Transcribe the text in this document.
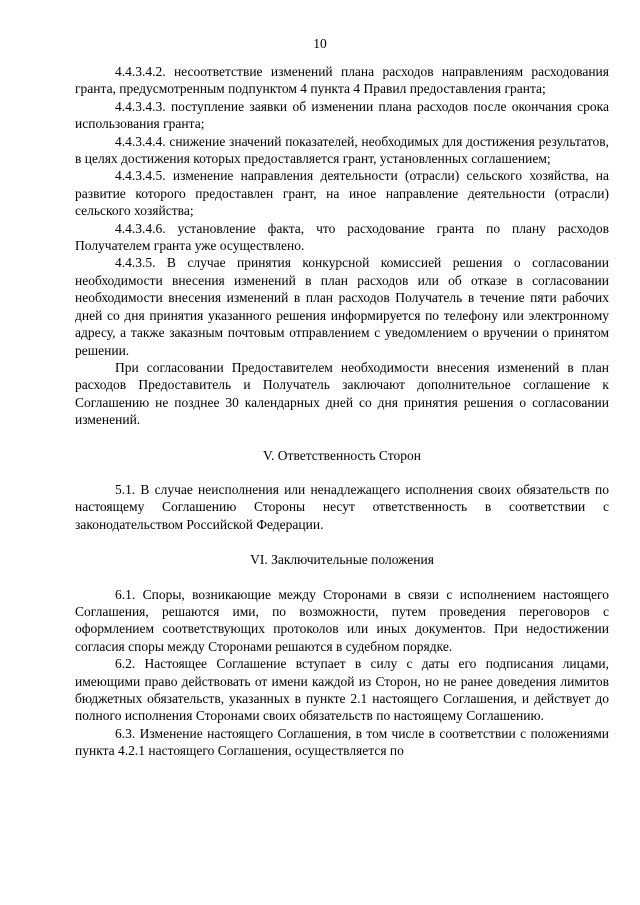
10

4.4.3.4.2. несоответствие изменений плана расходов направлениям расходования гранта, предусмотренным подпунктом 4 пункта 4 Правил предоставления гранта;

4.4.3.4.3. поступление заявки об изменении плана расходов после окончания срока использования гранта;

4.4.3.4.4. снижение значений показателей, необходимых для достижения результатов, в целях достижения которых предоставляется грант, установленных соглашением;

4.4.3.4.5. изменение направления деятельности (отрасли) сельского хозяйства, на развитие которого предоставлен грант, на иное направление деятельности (отрасли) сельского хозяйства;

4.4.3.4.6. установление факта, что расходование гранта по плану расходов Получателем гранта уже осуществлено.

4.4.3.5. В случае принятия конкурсной комиссией решения о согласовании необходимости внесения изменений в план расходов или об отказе в согласовании необходимости внесения изменений в план расходов Получатель в течение пяти рабочих дней со дня принятия указанного решения информируется по телефону или электронному адресу, а также заказным почтовым отправлением с уведомлением о вручении о принятом решении.

При согласовании Предоставителем необходимости внесения изменений в план расходов Предоставитель и Получатель заключают дополнительное соглашение к Соглашению не позднее 30 календарных дней со дня принятия решения о согласовании изменений.

V. Ответственность Сторон

5.1. В случае неисполнения или ненадлежащего исполнения своих обязательств по настоящему Соглашению Стороны несут ответственность в соответствии с законодательством Российской Федерации.

VI. Заключительные положения

6.1. Споры, возникающие между Сторонами в связи с исполнением настоящего Соглашения, решаются ими, по возможности, путем проведения переговоров с оформлением соответствующих протоколов или иных документов. При недостижении согласия споры между Сторонами решаются в судебном порядке.

6.2. Настоящее Соглашение вступает в силу с даты его подписания лицами, имеющими право действовать от имени каждой из Сторон, но не ранее доведения лимитов бюджетных обязательств, указанных в пункте 2.1 настоящего Соглашения, и действует до полного исполнения Сторонами своих обязательств по настоящему Соглашению.

6.3. Изменение настоящего Соглашения, в том числе в соответствии с положениями пункта 4.2.1 настоящего Соглашения, осуществляется по
